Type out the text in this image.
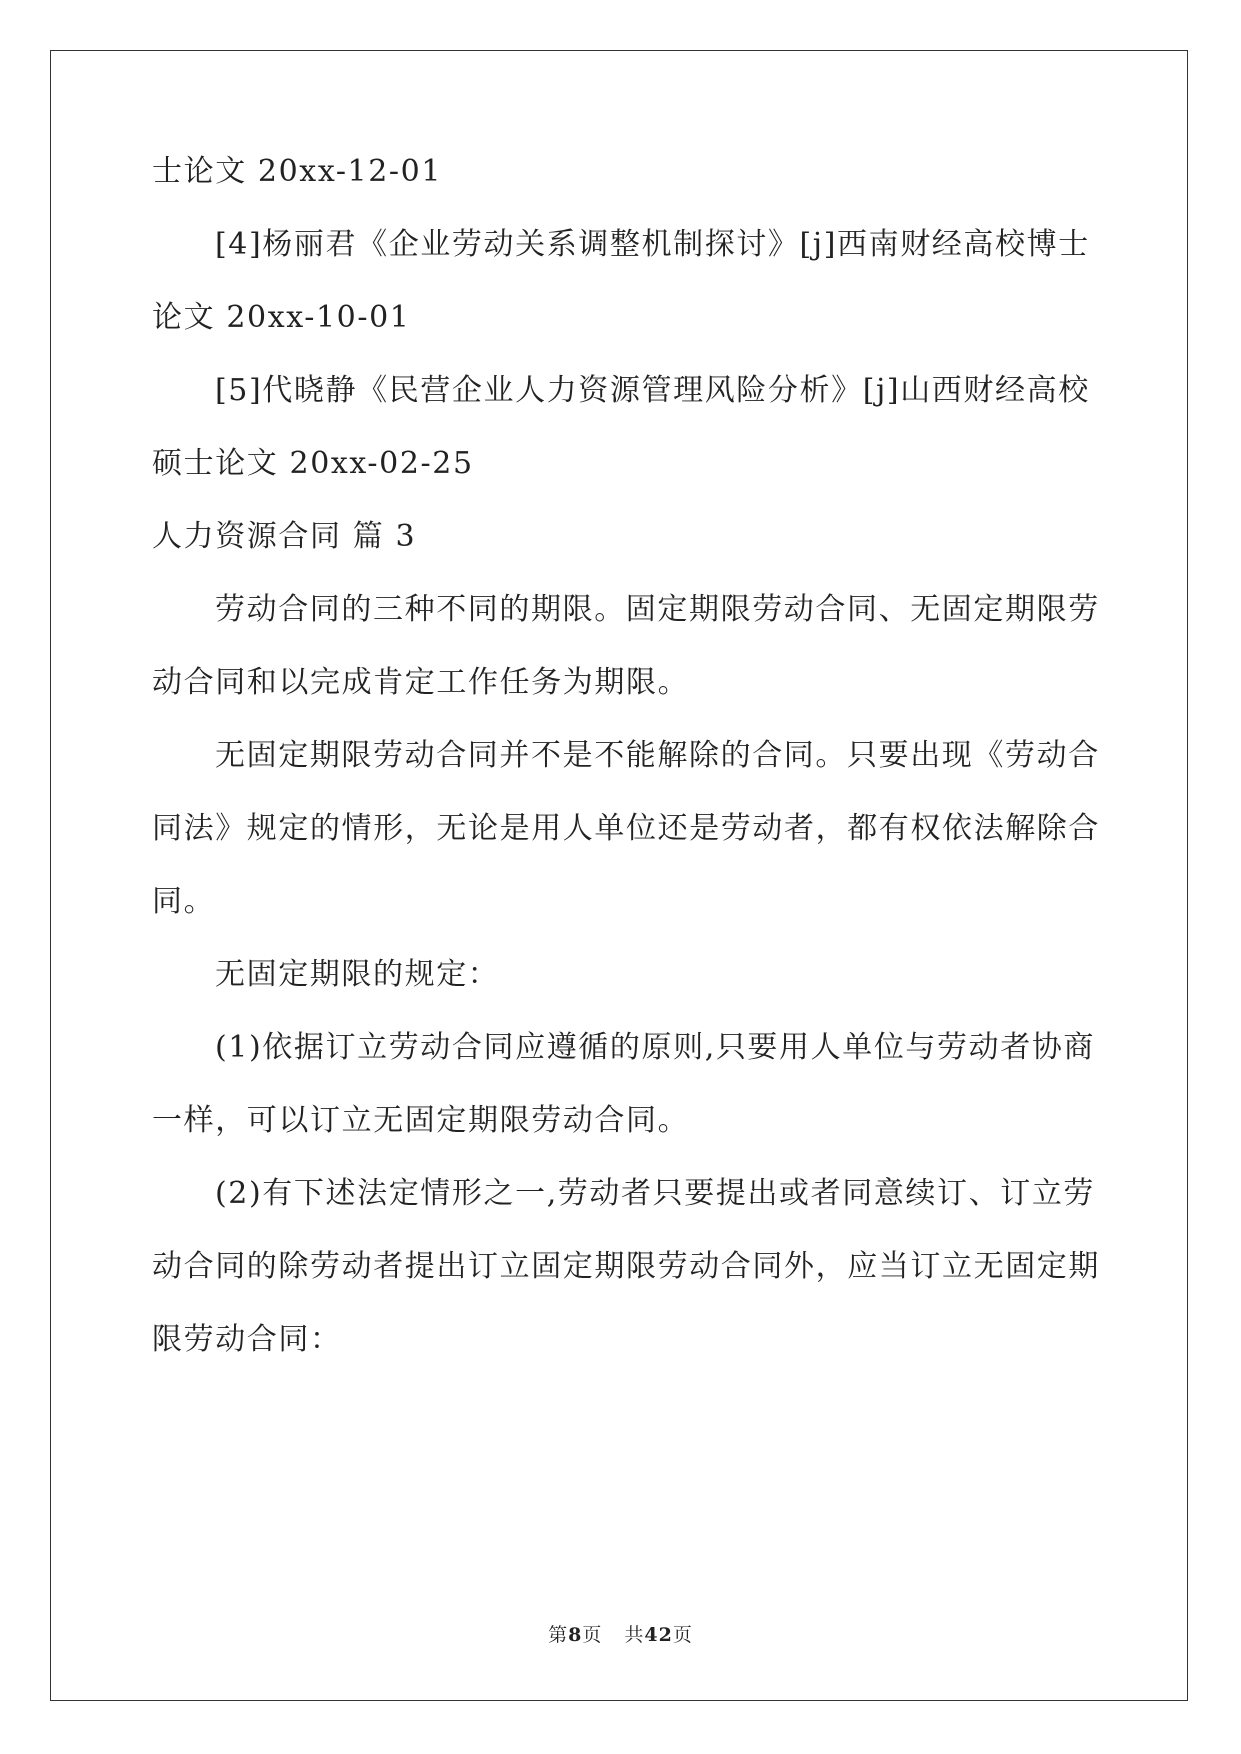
士论文 20xx-12-01
[4]杨丽君《企业劳动关系调整机制探讨》[j]西南财经高校博士
论文 20xx-10-01
[5]代晓静《民营企业人力资源管理风险分析》[j]山西财经高校
硕士论文 20xx-02-25
人力资源合同 篇 3
劳动合同的三种不同的期限。固定期限劳动合同、无固定期限劳
动合同和以完成肯定工作任务为期限。
无固定期限劳动合同并不是不能解除的合同。只要出现《劳动合
同法》规定的情形，无论是用人单位还是劳动者，都有权依法解除合
同。
无固定期限的规定：
(1)依据订立劳动合同应遵循的原则,只要用人单位与劳动者协商
一样，可以订立无固定期限劳动合同。
(2)有下述法定情形之一,劳动者只要提出或者同意续订、订立劳
动合同的除劳动者提出订立固定期限劳动合同外，应当订立无固定期
限劳动合同：
第8页 共42页
